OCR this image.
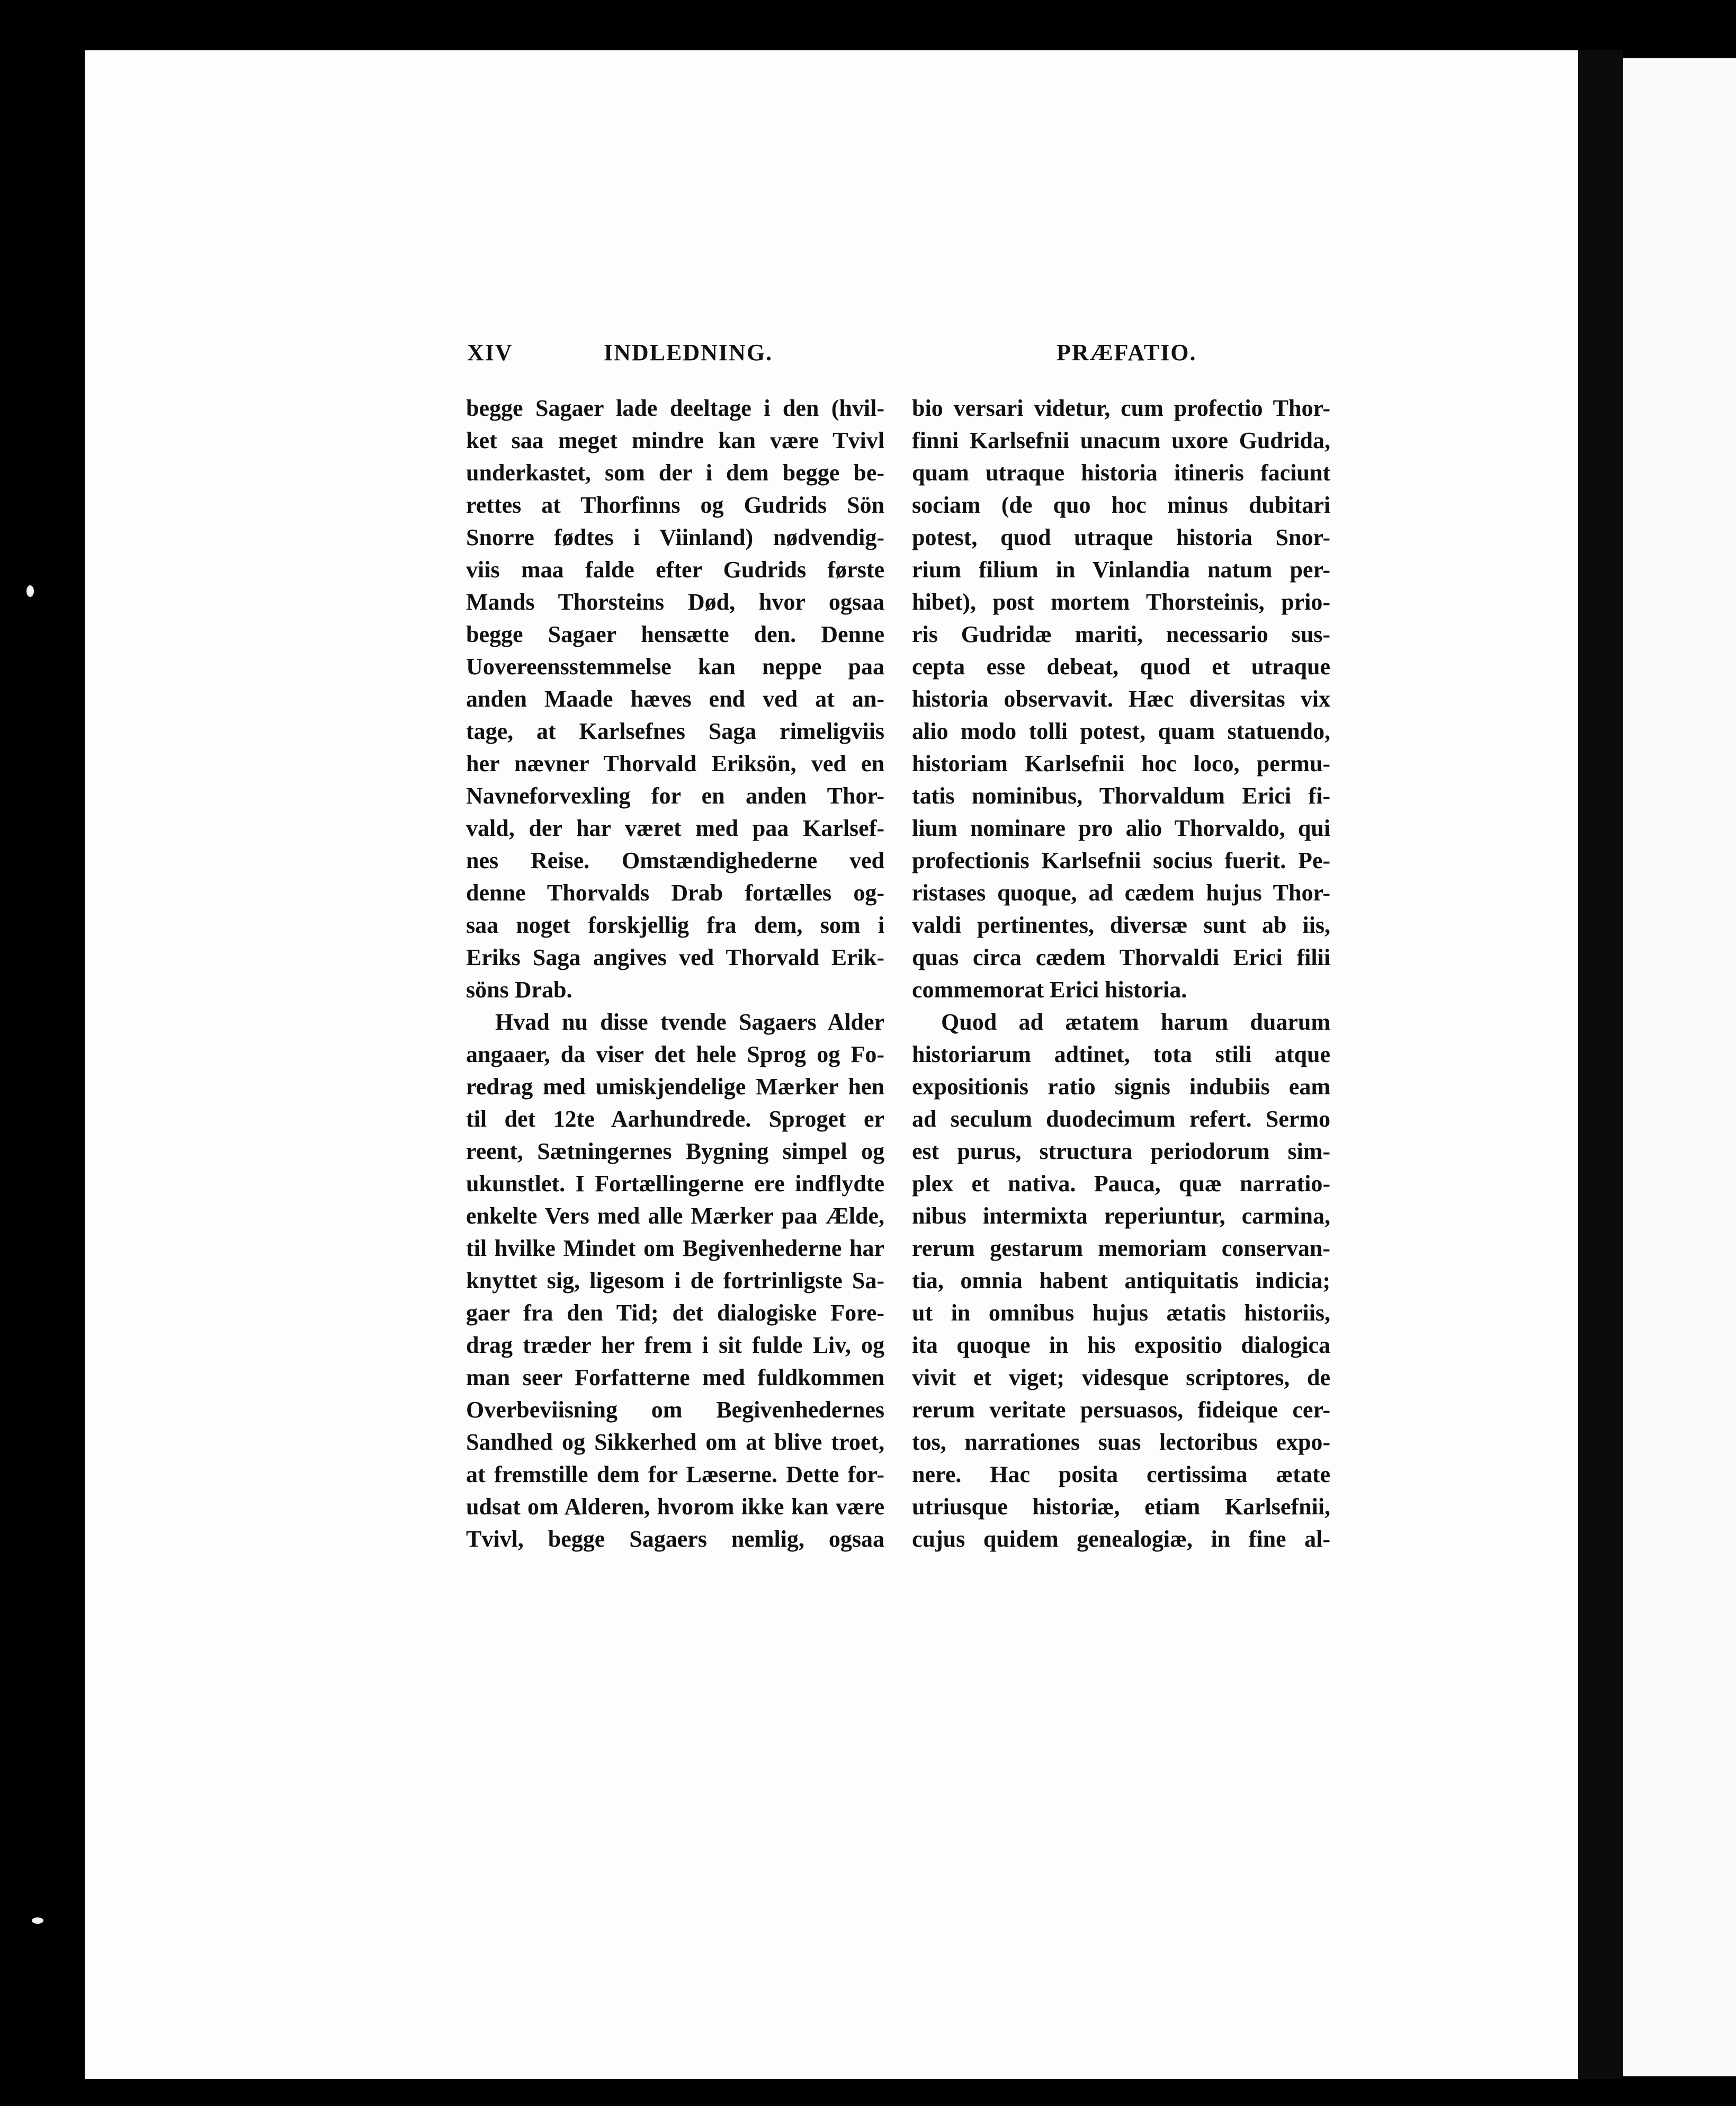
XIV	INDLEDNING.	PRÆFATIO.
begge Sagaer lade deeltage i den (hvil-
ket saa meget mindre kan være Tvivl
underkastet, som der i dem begge be-
rettes at Thorfinns og Gudrids Sön
Snorre fødtes i Viinland) nødvendig-
viis maa falde efter Gudrids første
Mands Thorsteins Død, hvor ogsaa
begge Sagaer hensætte den. Denne
Uovereensstemmelse kan neppe paa
anden Maade hæves end ved at an-
tage, at Karlsefnes Saga rimeligviis
her nævner Thorvald Eriksön, ved en
Navneforvexling for en anden Thor-
vald, der har været med paa Karlsef-
nes Reise. Omstændighederne ved
denne Thorvalds Drab fortælles og-
saa noget forskjellig fra dem, som i
Eriks Saga angives ved Thorvald Erik-
söns Drab.
Hvad nu disse tvende Sagaers Alder
angaaer, da viser det hele Sprog og Fo-
redrag med umiskjendelige Mærker hen
til det 12te Aarhundrede. Sproget er
reent, Sætningernes Bygning simpel og
ukunstlet. I Fortællingerne ere indflydte
enkelte Vers med alle Mærker paa Ælde,
til hvilke Mindet om Begivenhederne har
knyttet sig, ligesom i de fortrinligste Sa-
gaer fra den Tid; det dialogiske Fore-
drag træder her frem i sit fulde Liv, og
man seer Forfatterne med fuldkommen
Overbeviisning om Begivenhedernes
Sandhed og Sikkerhed om at blive troet,
at fremstille dem for Læserne. Dette for-
udsat om Alderen, hvorom ikke kan være
Tvivl, begge Sagaers nemlig, ogsaa
bio versari videtur, cum profectio Thor-
finni Karlsefnii unacum uxore Gudrida,
quam utraque historia itineris faciunt
sociam (de quo hoc minus dubitari
potest, quod utraque historia Snor-
rium filium in Vinlandia natum per-
hibet), post mortem Thorsteinis, prio-
ris Gudridæ mariti, necessario sus-
cepta esse debeat, quod et utraque
historia observavit. Hæc diversitas vix
alio modo tolli potest, quam statuendo,
historiam Karlsefnii hoc loco, permu-
tatis nominibus, Thorvaldum Erici fi-
lium nominare pro alio Thorvaldo, qui
profectionis Karlsefnii socius fuerit. Pe-
ristases quoque, ad cædem hujus Thor-
valdi pertinentes, diversæ sunt ab iis,
quas circa cædem Thorvaldi Erici filii
commemorat Erici historia.
Quod ad ætatem harum duarum
historiarum adtinet, tota stili atque
expositionis ratio signis indubiis eam
ad seculum duodecimum refert. Sermo
est purus, structura periodorum sim-
plex et nativa. Pauca, quæ narratio-
nibus intermixta reperiuntur, carmina,
rerum gestarum memoriam conservan-
tia, omnia habent antiquitatis indicia;
ut in omnibus hujus ætatis historiis,
ita quoque in his expositio dialogica
vivit et viget; videsque scriptores, de
rerum veritate persuasos, fideique cer-
tos, narrationes suas lectoribus expo-
nere. Hac posita certissima ætate
utriusque historiæ, etiam Karlsefnii,
cujus quidem genealogiæ, in fine al-
